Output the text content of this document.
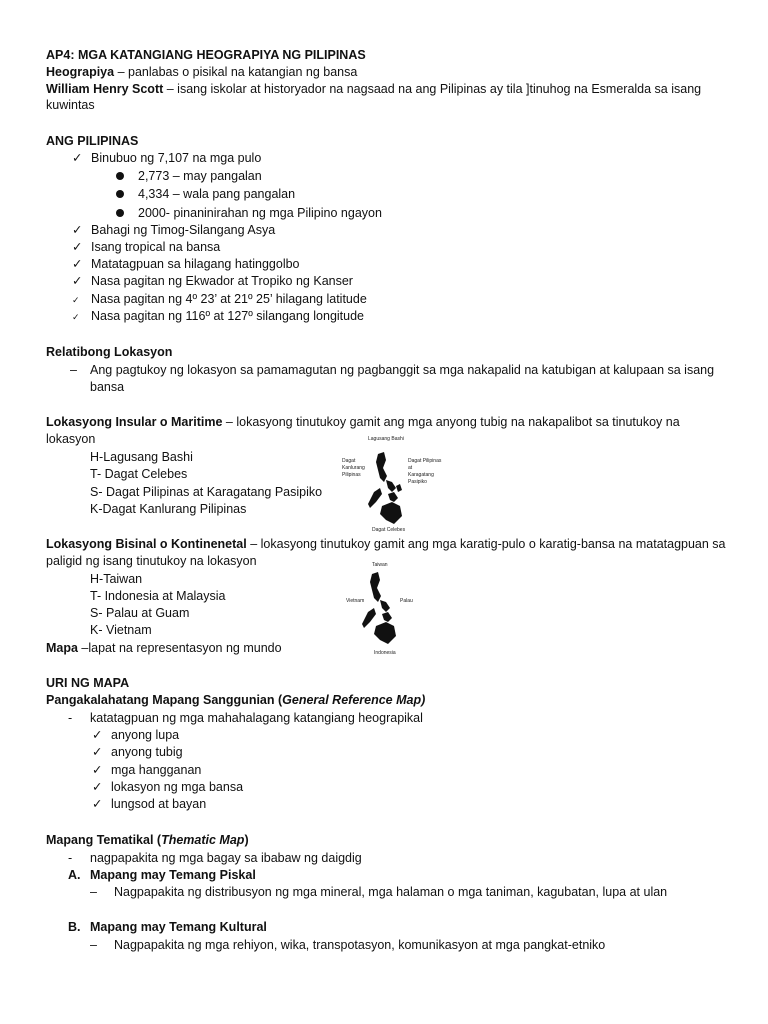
AP4: MGA KATANGIANG HEOGRAPIYA NG PILIPINAS
Heograpiya – panlabas o pisikal na katangian ng bansa
William Henry Scott – isang iskolar at historyador na nagsaad na ang Pilipinas ay tila ]tinuhog na Esmeralda sa isang
kuwintas
ANG PILIPINAS
✓ Binubuo ng 7,107 na mga pulo
2,773 – may pangalan
4,334 – wala pang pangalan
2000- pinaninirahan ng mga Pilipino ngayon
✓ Bahagi ng Timog-Silangang Asya
✓ Isang tropical na bansa
✓ Matatagpuan sa hilagang hatinggolbo
✓ Nasa pagitan ng Ekwador at Tropiko ng Kanser
✓ Nasa pagitan ng 4º 23’ at 21º 25’ hilagang latitude
✓ Nasa pagitan ng 116º at 127º silangang longitude
Relatibong Lokasyon
– Ang pagtukoy ng lokasyon sa pamamagutan ng pagbanggit sa mga nakapalid na katubigan at kalupaan sa isang
bansa
Lokasyong Insular o Maritime – lokasyong tinutukoy gamit ang mga anyong tubig na nakapalibot sa tinutukoy na
lokasyon
H-Lagusang Bashi
T- Dagat Celebes
S- Dagat Pilipinas at Karagatang Pasipiko
K-Dagat Kanlurang Pilipinas
Lagusang Bashi
Dagat
Kanlurang
Pilipinas
Dagat Pilipinas
at
Karagatang
Pasipiko
Dagat Celebes
Lokasyong Bisinal o Kontinenetal – lokasyong tinutukoy gamit ang mga karatig-pulo o karatig-bansa na matatagpuan sa
paligid ng isang tinutukoy na lokasyon
H-Taiwan
T- Indonesia at Malaysia
S- Palau at Guam
K- Vietnam
Taiwan
Vietnam	Palau
Indonesia
Mapa –lapat na representasyon ng mundo
URI NG MAPA
Pangakalahatang Mapang Sanggunian (General Reference Map)
- katatagpuan ng mga mahahalagang katangiang heograpikal
✓ anyong lupa
✓ anyong tubig
✓ mga hangganan
✓ lokasyon ng mga bansa
✓ lungsod at bayan
Mapang Tematikal (Thematic Map)
- nagpapakita ng mga bagay sa ibabaw ng daigdig
A. Mapang may Temang Piskal
– Nagpapakita ng distribusyon ng mga mineral, mga halaman o mga taniman, kagubatan, lupa at ulan
B. Mapang may Temang Kultural
– Nagpapakita ng mga rehiyon, wika, transpotasyon, komunikasyon at mga pangkat-etniko
